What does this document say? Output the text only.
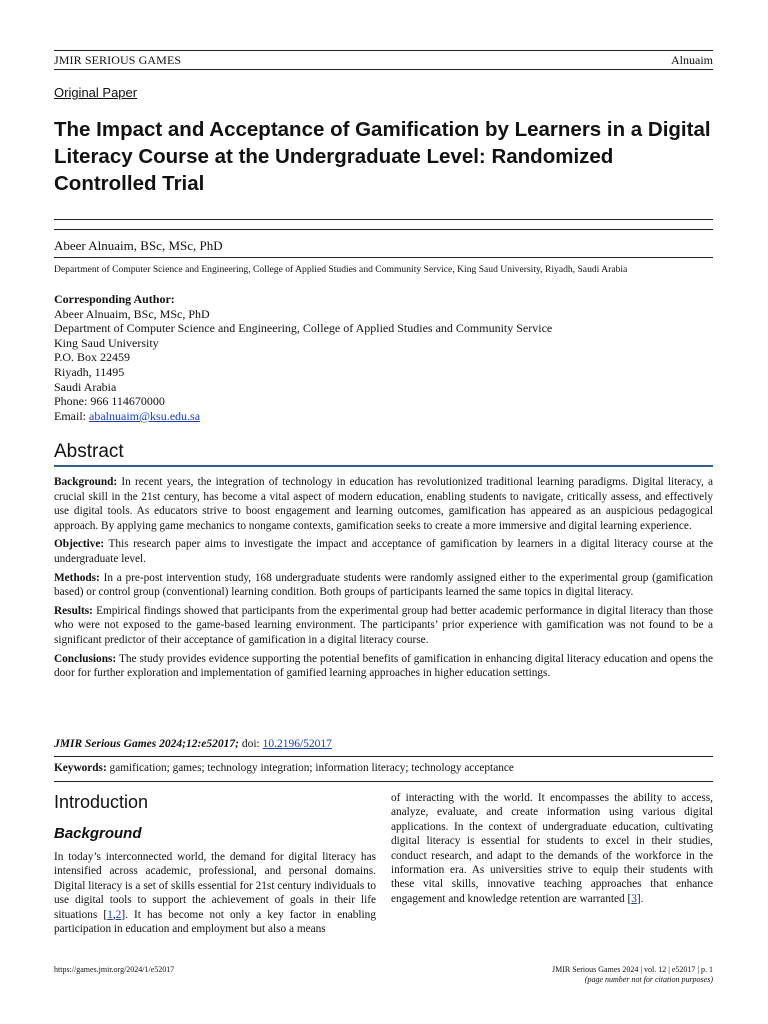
JMIR SERIOUS GAMES	Alnuaim
Original Paper
The Impact and Acceptance of Gamification by Learners in a Digital Literacy Course at the Undergraduate Level: Randomized Controlled Trial
Abeer Alnuaim, BSc, MSc, PhD
Department of Computer Science and Engineering, College of Applied Studies and Community Service, King Saud University, Riyadh, Saudi Arabia
Corresponding Author:
Abeer Alnuaim, BSc, MSc, PhD
Department of Computer Science and Engineering, College of Applied Studies and Community Service
King Saud University
P.O. Box 22459
Riyadh, 11495
Saudi Arabia
Phone: 966 114670000
Email: abalnuaim@ksu.edu.sa
Abstract

Background: In recent years, the integration of technology in education has revolutionized traditional learning paradigms. Digital literacy, a crucial skill in the 21st century, has become a vital aspect of modern education, enabling students to navigate, critically assess, and effectively use digital tools. As educators strive to boost engagement and learning outcomes, gamification has appeared as an auspicious pedagogical approach. By applying game mechanics to nongame contexts, gamification seeks to create a more immersive and digital learning experience.

Objective: This research paper aims to investigate the impact and acceptance of gamification by learners in a digital literacy course at the undergraduate level.

Methods: In a pre-post intervention study, 168 undergraduate students were randomly assigned either to the experimental group (gamification based) or control group (conventional) learning condition. Both groups of participants learned the same topics in digital literacy.

Results: Empirical findings showed that participants from the experimental group had better academic performance in digital literacy than those who were not exposed to the game-based learning environment. The participants’ prior experience with gamification was not found to be a significant predictor of their acceptance of gamification in a digital literacy course.

Conclusions: The study provides evidence supporting the potential benefits of gamification in enhancing digital literacy education and opens the door for further exploration and implementation of gamified learning approaches in higher education settings.

JMIR Serious Games 2024;12:e52017; doi: 10.2196/52017
Keywords: gamification; games; technology integration; information literacy; technology acceptance
Introduction
Background
In today’s interconnected world, the demand for digital literacy has intensified across academic, professional, and personal domains. Digital literacy is a set of skills essential for 21st century individuals to use digital tools to support the achievement of goals in their life situations [1,2]. It has become not only a key factor in enabling participation in education and employment but also a means
of interacting with the world. It encompasses the ability to access, analyze, evaluate, and create information using various digital applications. In the context of undergraduate education, cultivating digital literacy is essential for students to excel in their studies, conduct research, and adapt to the demands of the workforce in the information era. As universities strive to equip their students with these vital skills, innovative teaching approaches that enhance engagement and knowledge retention are warranted [3].
https://games.jmir.org/2024/1/e52017	JMIR Serious Games 2024 | vol. 12 | e52017 | p. 1
(page number not for citation purposes)
